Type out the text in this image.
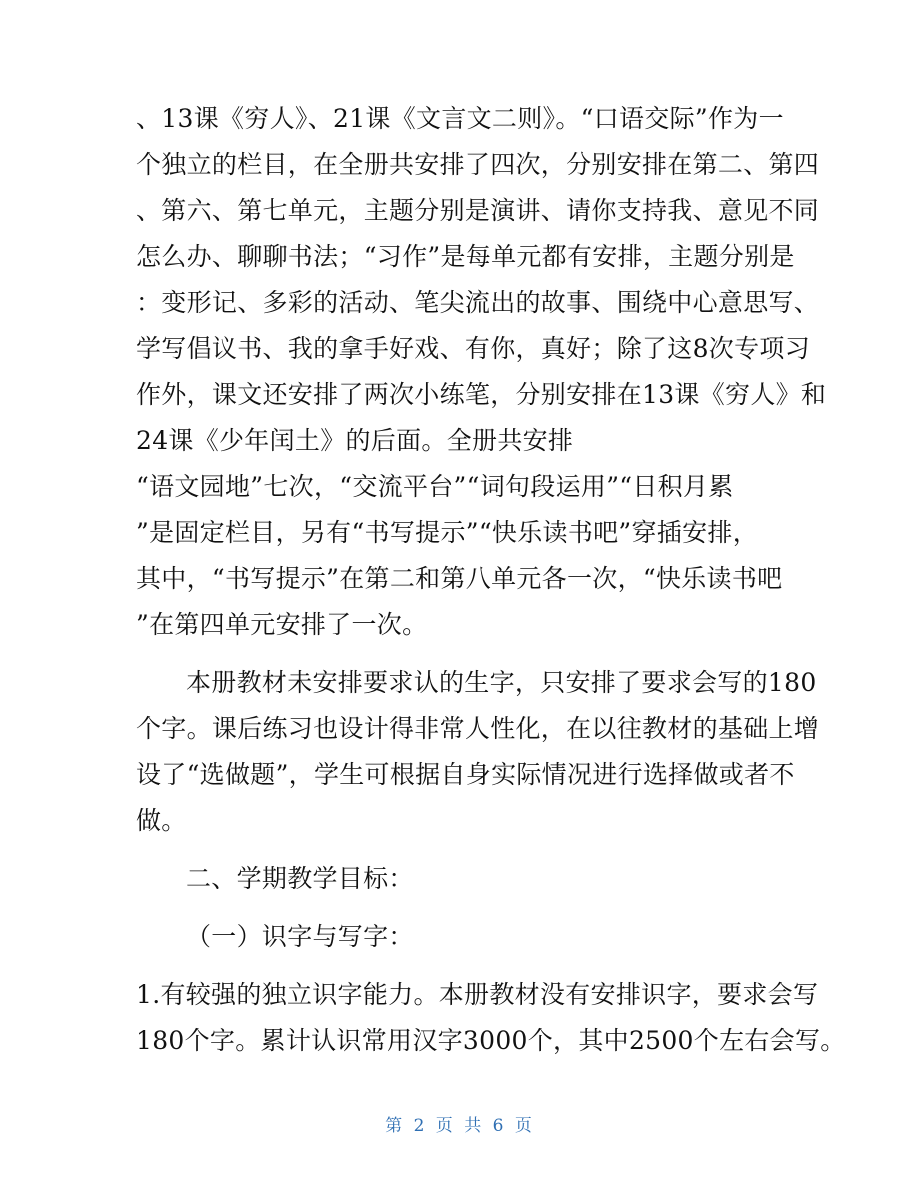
、13课《穷人》、21课《文言文二则》。“口语交际”作为一
个独立的栏目，在全册共安排了四次，分别安排在第二、第四
、第六、第七单元，主题分别是演讲、请你支持我、意见不同
怎么办、聊聊书法；“习作”是每单元都有安排，主题分别是
：变形记、多彩的活动、笔尖流出的故事、围绕中心意思写、
学写倡议书、我的拿手好戏、有你，真好；除了这8次专项习
作外，课文还安排了两次小练笔，分别安排在13课《穷人》和
24课《少年闰土》的后面。全册共安排
“语文园地”七次，“交流平台”“词句段运用”“日积月累
”是固定栏目，另有“书写提示”“快乐读书吧”穿插安排，
其中，“书写提示”在第二和第八单元各一次，“快乐读书吧
”在第四单元安排了一次。
本册教材未安排要求认的生字，只安排了要求会写的180
个字。课后练习也设计得非常人性化，在以往教材的基础上增
设了“选做题”，学生可根据自身实际情况进行选择做或者不
做。
二、学期教学目标：
（一）识字与写字：
1.有较强的独立识字能力。本册教材没有安排识字，要求会写
180个字。累计认识常用汉字3000个，其中2500个左右会写。
第 2 页 共 6 页
